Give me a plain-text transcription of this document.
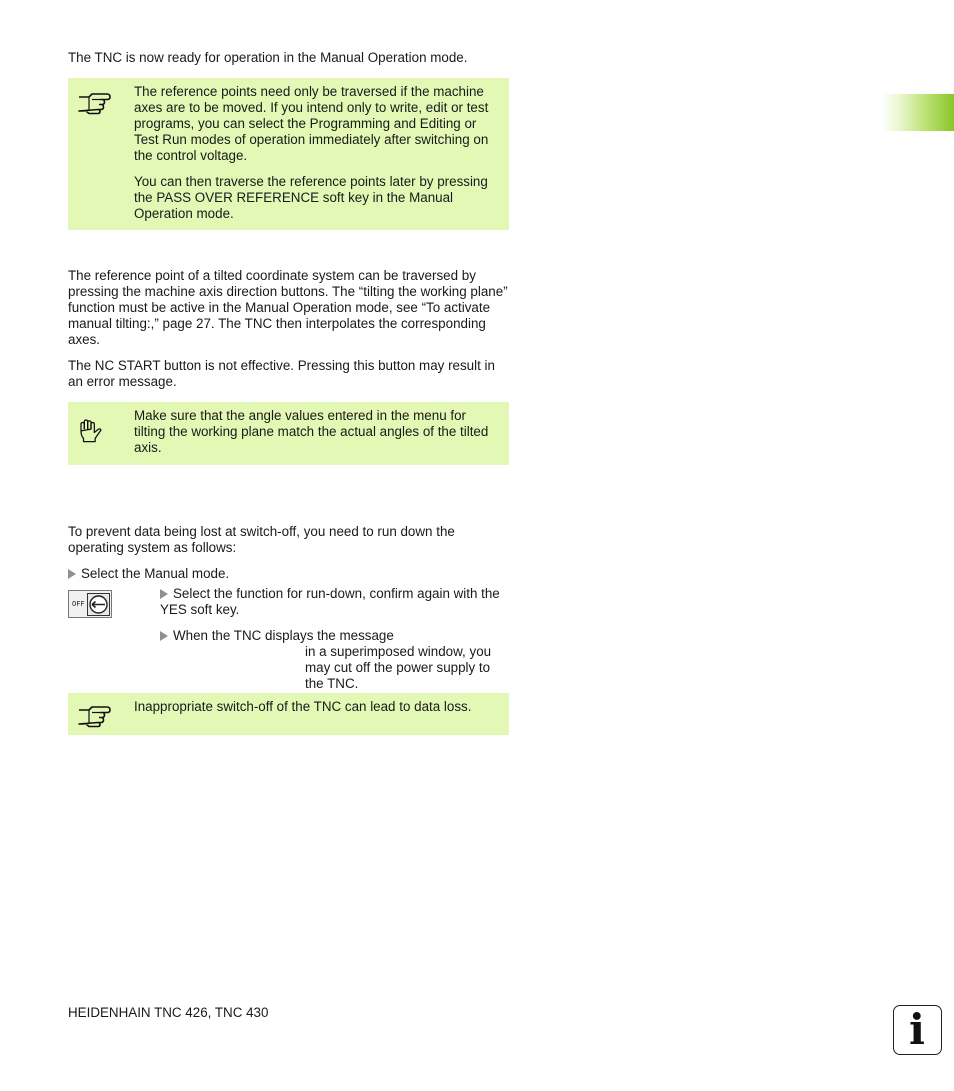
The TNC is now ready for operation in the Manual Operation mode.

The reference points need only be traversed if the machine axes are to be moved. If you intend only to write, edit or test programs, you can select the Programming and Editing or Test Run modes of operation immediately after switching on the control voltage.

You can then traverse the reference points later by pressing the PASS OVER REFERENCE soft key in the Manual Operation mode.

The reference point of a tilted coordinate system can be traversed by pressing the machine axis direction buttons. The “tilting the working plane” function must be active in the Manual Operation mode, see “To activate manual tilting:,” page 27. The TNC then interpolates the corresponding axes.

The NC START button is not effective. Pressing this button may result in an error message.

Make sure that the angle values entered in the menu for tilting the working plane match the actual angles of the tilted axis.

To prevent data being lost at switch-off, you need to run down the operating system as follows:

Select the Manual mode.

OFF
Select the function for run-down, confirm again with the YES soft key.

When the TNC displays the message

in a superimposed window, you may cut off the power supply to the TNC.

Inappropriate switch-off of the TNC can lead to data loss.

HEIDENHAIN TNC 426, TNC 430	i
